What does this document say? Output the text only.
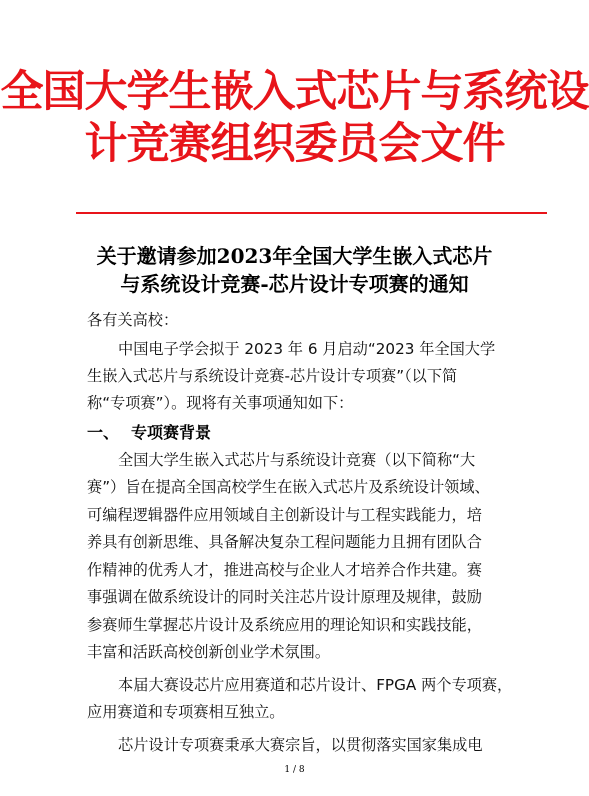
全国大学生嵌入式芯片与系统设
计竞赛组织委员会文件
关于邀请参加2023年全国大学生嵌入式芯片
与系统设计竞赛-芯片设计专项赛的通知
各有关高校：
中国电子学会拟于 2023 年 6 月启动“2023 年全国大学
生嵌入式芯片与系统设计竞赛-芯片设计专项赛”（以下简
称“专项赛”）。现将有关事项通知如下：
一、 专项赛背景
全国大学生嵌入式芯片与系统设计竞赛（以下简称“大
赛”）旨在提高全国高校学生在嵌入式芯片及系统设计领域、
可编程逻辑器件应用领域自主创新设计与工程实践能力，培
养具有创新思维、具备解决复杂工程问题能力且拥有团队合
作精神的优秀人才，推进高校与企业人才培养合作共建。赛
事强调在做系统设计的同时关注芯片设计原理及规律，鼓励
参赛师生掌握芯片设计及系统应用的理论知识和实践技能，
丰富和活跃高校创新创业学术氛围。
本届大赛设芯片应用赛道和芯片设计、FPGA 两个专项赛，
应用赛道和专项赛相互独立。
芯片设计专项赛秉承大赛宗旨，以贯彻落实国家集成电
1 / 8
